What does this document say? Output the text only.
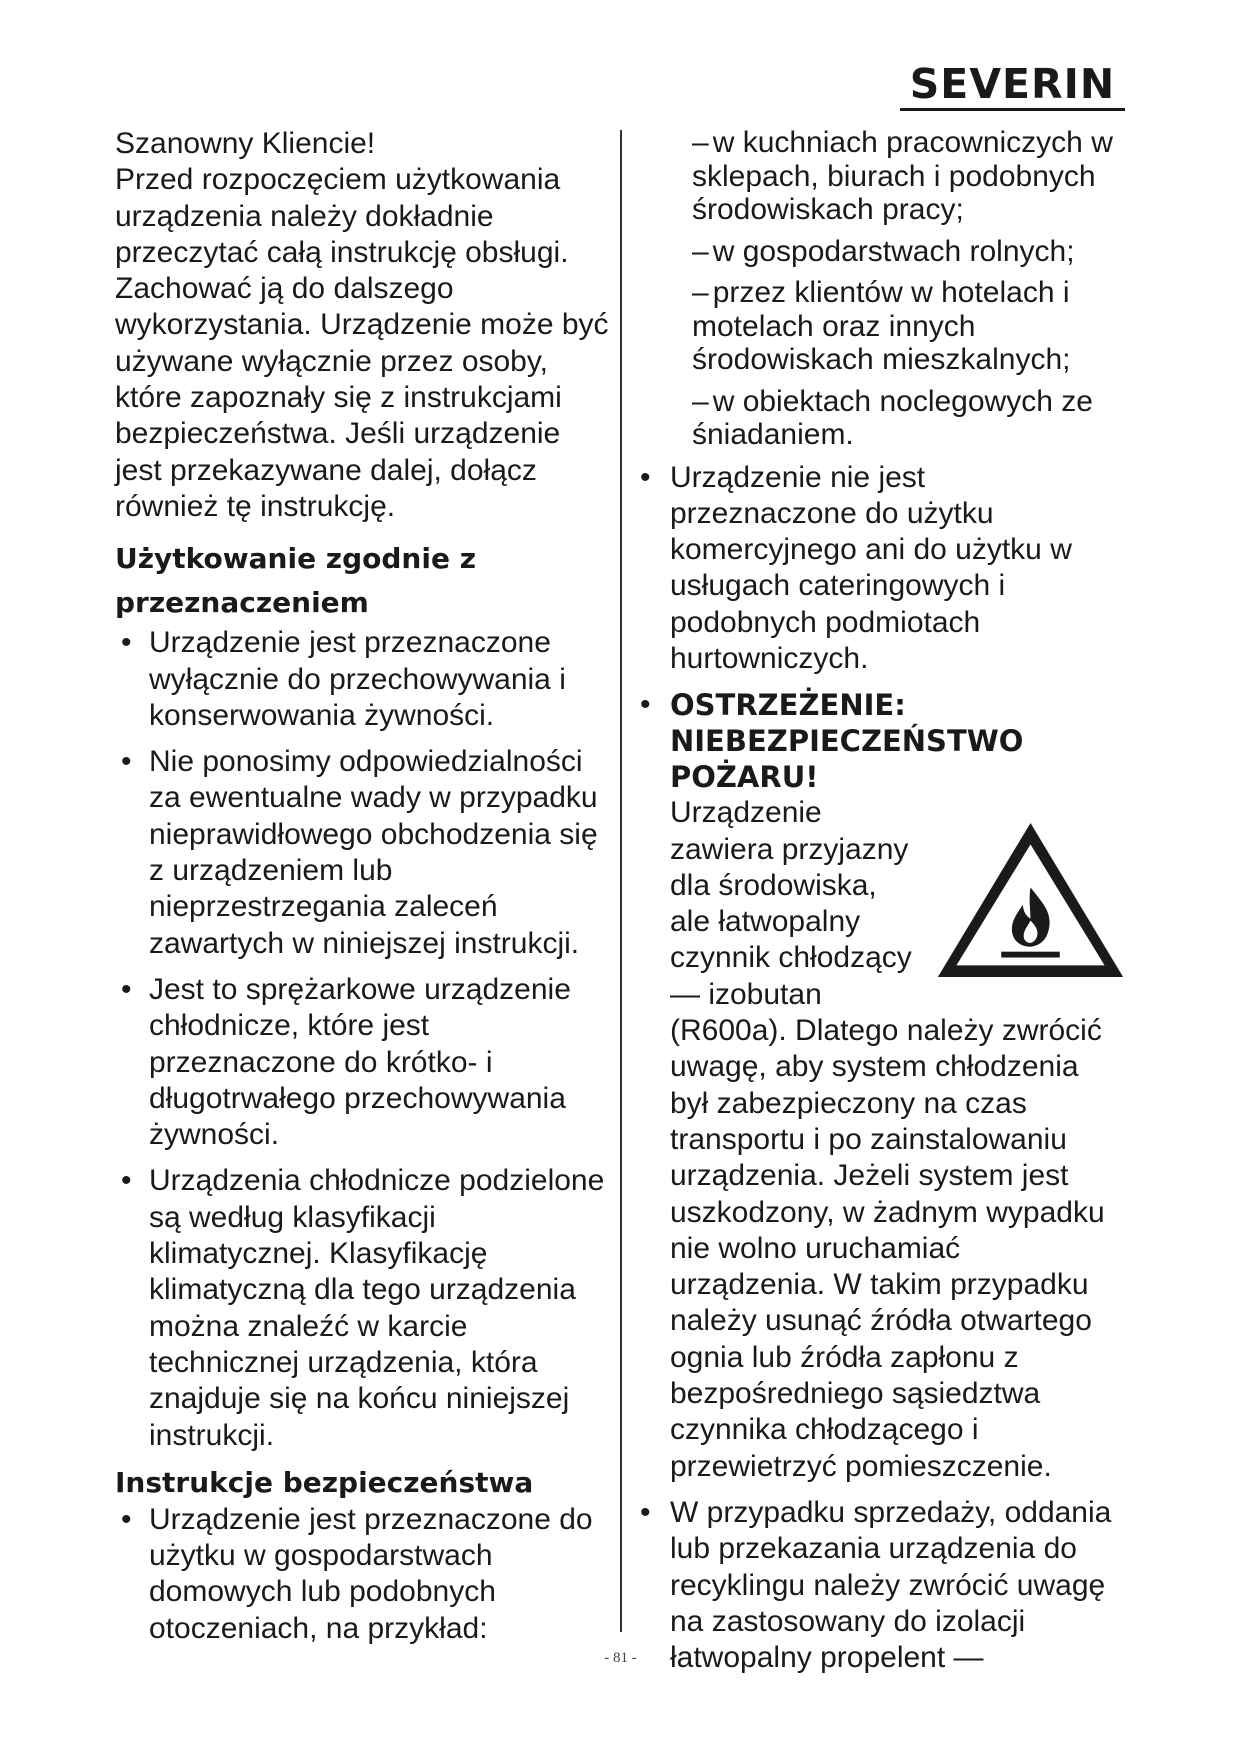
SEVERIN

Szanowny Kliencie!
Przed rozpoczęciem użytkowania urządzenia należy dokładnie przeczytać całą instrukcję obsługi. Zachować ją do dalszego wykorzystania. Urządzenie może być używane wyłącznie przez osoby, które zapoznały się z instrukcjami bezpieczeństwa. Jeśli urządzenie jest przekazywane dalej, dołącz również tę instrukcję.

Użytkowanie zgodnie z
przeznaczeniem
• Urządzenie jest przeznaczone wyłącznie do przechowywania i konserwowania żywności.
• Nie ponosimy odpowiedzialności za ewentualne wady w przypadku nieprawidłowego obchodzenia się z urządzeniem lub nieprzestrzegania zaleceń zawartych w niniejszej instrukcji.
• Jest to sprężarkowe urządzenie chłodnicze, które jest przeznaczone do krótko- i długotrwałego przechowywania żywności.
• Urządzenia chłodnicze podzielone są według klasyfikacji klimatycznej. Klasyfikację klimatyczną dla tego urządzenia można znaleźć w karcie technicznej urządzenia, która znajduje się na końcu niniejszej instrukcji.
Instrukcje bezpieczeństwa
• Urządzenie jest przeznaczone do użytku w gospodarstwach domowych lub podobnych otoczeniach, na przykład:
– w kuchniach pracowniczych w sklepach, biurach i podobnych środowiskach pracy;
– w gospodarstwach rolnych;
– przez klientów w hotelach i motelach oraz innych środowiskach mieszkalnych;
– w obiektach noclegowych ze śniadaniem.
• Urządzenie nie jest przeznaczone do użytku komercyjnego ani do użytku w usługach cateringowych i podobnych podmiotach hurtowniczych.
• OSTRZEŻENIE:
NIEBEZPIECZEŃSTWO
POŻARU!
Urządzenie zawiera przyjazny dla środowiska, ale łatwopalny czynnik chłodzący — izobutan (R600a). Dlatego należy zwrócić uwagę, aby system chłodzenia był zabezpieczony na czas transportu i po zainstalowaniu urządzenia. Jeżeli system jest uszkodzony, w żadnym wypadku nie wolno uruchamiać urządzenia. W takim przypadku należy usunąć źródła otwartego ognia lub źródła zapłonu z bezpośredniego sąsiedztwa czynnika chłodzącego i przewietrzyć pomieszczenie.
• W przypadku sprzedaży, oddania lub przekazania urządzenia do recyklingu należy zwrócić uwagę na zastosowany do izolacji łatwopalny propelent —
- 81 -
